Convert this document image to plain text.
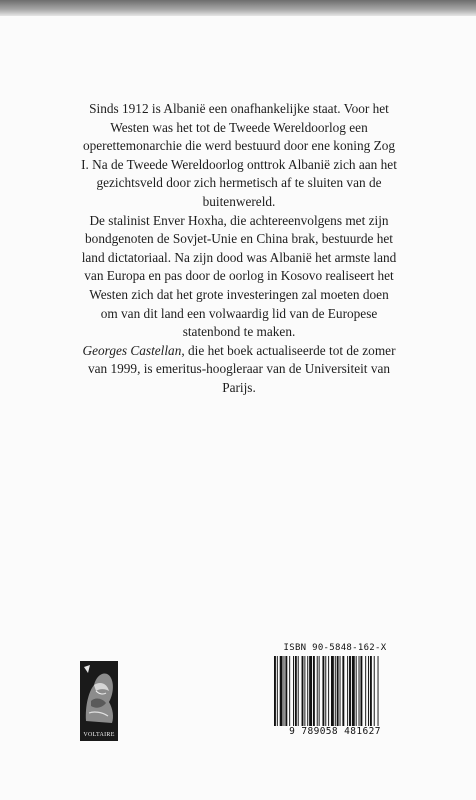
Sinds 1912 is Albanië een onafhankelijke staat. Voor het Westen was het tot de Tweede Wereldoorlog een operettemonarchie die werd bestuurd door ene koning Zog I. Na de Tweede Wereldoorlog onttrok Albanië zich aan het gezichtsveld door zich hermetisch af te sluiten van de buitenwereld.

De stalinist Enver Hoxha, die achtereenvolgens met zijn bondgenoten de Sovjet-Unie en China brak, bestuurde het land dictatoriaal. Na zijn dood was Albanië het armste land van Europa en pas door de oorlog in Kosovo realiseert het Westen zich dat het grote investeringen zal moeten doen om van dit land een volwaardig lid van de Europese statenbond te maken.

Georges Castellan, die het boek actualiseerde tot de zomer van 1999, is emeritus-hoogleraar van de Universiteit van Parijs.

VOLTAIRE
ISBN 90-5848-162-X
9 789058 481627
